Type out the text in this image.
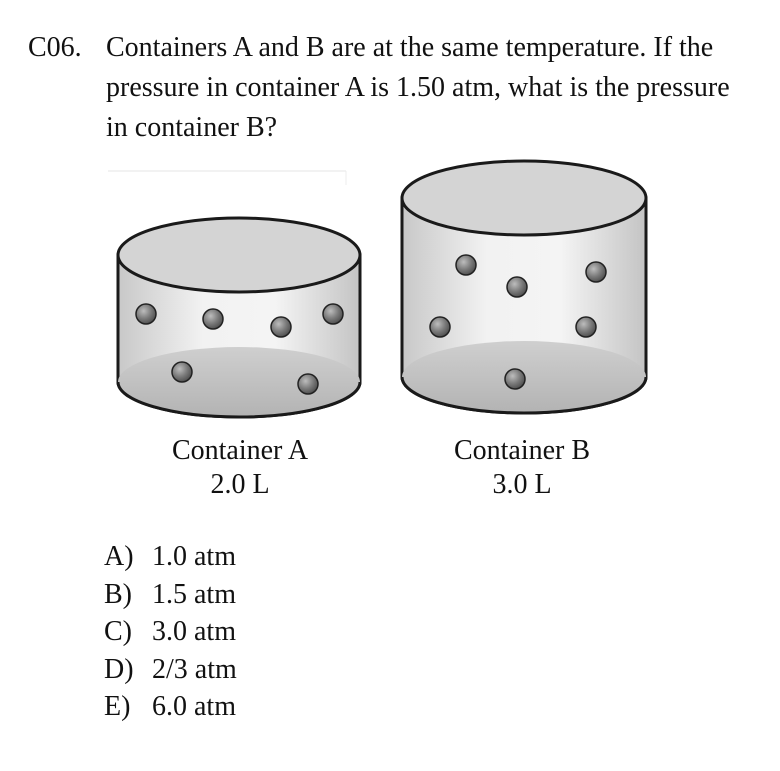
C06. Containers A and B are at the same temperature. If the pressure in container A is 1.50 atm, what is the pressure in container B?
Container A
2.0 L
Container B
3.0 L
A) 1.0 atm
B) 1.5 atm
C) 3.0 atm
D) 2/3 atm
E) 6.0 atm
